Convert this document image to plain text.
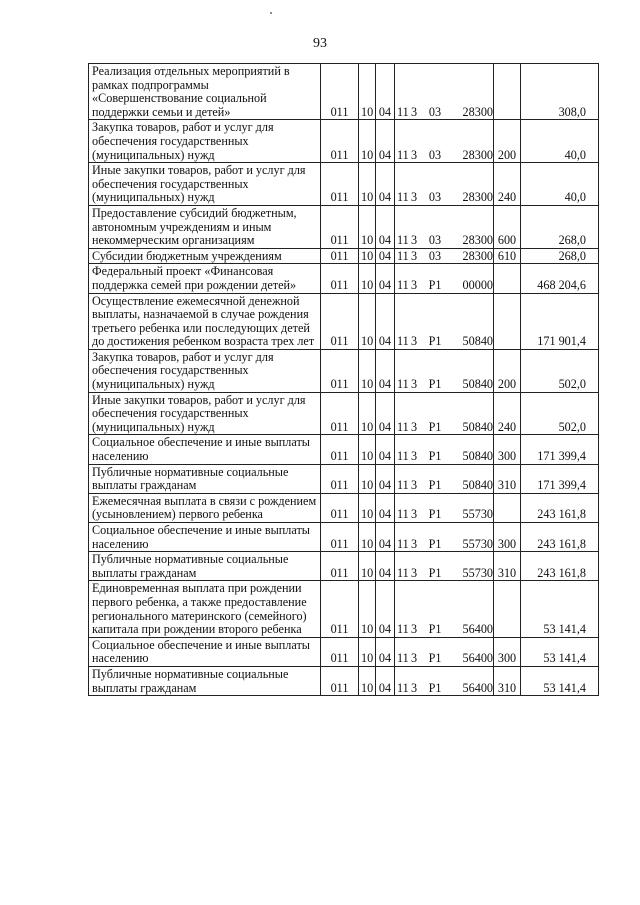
93
Реализация отдельных мероприятий в рамках подпрограммы «Совершенствование социальной поддержки семьи и детей»	011	10	04	11 3 03 28300		308,0
Закупка товаров, работ и услуг для обеспечения государственных (муниципальных) нужд	011	10	04	11 3 03 28300	200	40,0
Иные закупки товаров, работ и услуг для обеспечения государственных (муниципальных) нужд	011	10	04	11 3 03 28300	240	40,0
Предоставление субсидий бюджетным, автономным учреждениям и иным некоммерческим организациям	011	10	04	11 3 03 28300	600	268,0
Субсидии бюджетным учреждениям	011	10	04	11 3 03 28300	610	268,0
Федеральный проект «Финансовая поддержка семей при рождении детей»	011	10	04	11 3 P1 00000		468 204,6
Осуществление ежемесячной денежной выплаты, назначаемой в случае рождения третьего ребенка или последующих детей до достижения ребенком возраста трех лет	011	10	04	11 3 P1 50840		171 901,4
Закупка товаров, работ и услуг для обеспечения государственных (муниципальных) нужд	011	10	04	11 3 P1 50840	200	502,0
Иные закупки товаров, работ и услуг для обеспечения государственных (муниципальных) нужд	011	10	04	11 3 P1 50840	240	502,0
Социальное обеспечение и иные выплаты населению	011	10	04	11 3 P1 50840	300	171 399,4
Публичные нормативные социальные выплаты гражданам	011	10	04	11 3 P1 50840	310	171 399,4
Ежемесячная выплата в связи с рождением (усыновлением) первого ребенка	011	10	04	11 3 P1 55730		243 161,8
Социальное обеспечение и иные выплаты населению	011	10	04	11 3 P1 55730	300	243 161,8
Публичные нормативные социальные выплаты гражданам	011	10	04	11 3 P1 55730	310	243 161,8
Единовременная выплата при рождении первого ребенка, а также предоставление регионального материнского (семейного) капитала при рождении второго ребенка	011	10	04	11 3 P1 56400		53 141,4
Социальное обеспечение и иные выплаты населению	011	10	04	11 3 P1 56400	300	53 141,4
Публичные нормативные социальные выплаты гражданам	011	10	04	11 3 P1 56400	310	53 141,4
